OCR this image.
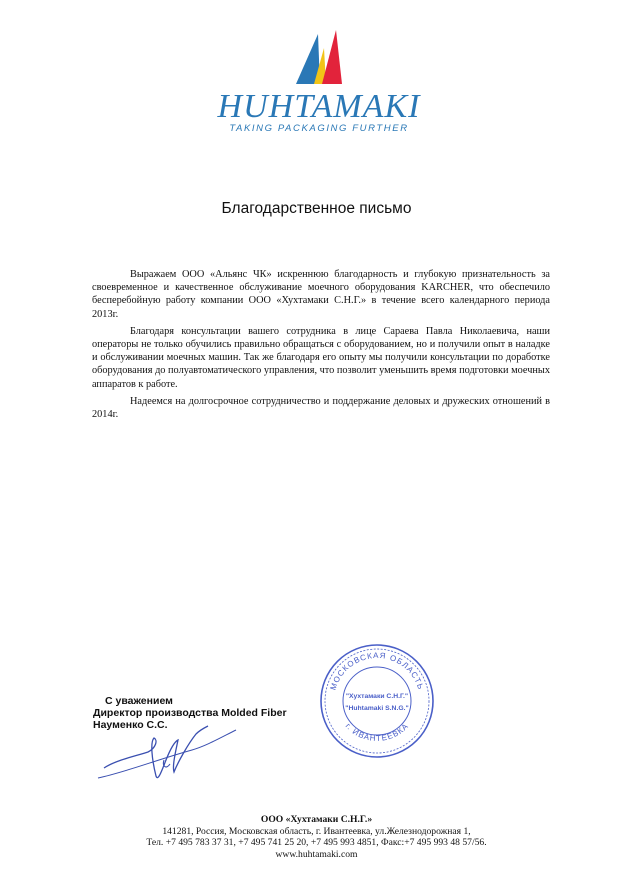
HUHTAMAKI
TAKING PACKAGING FURTHER
Благодарственное письмо

Выражаем ООО «Альянс ЧК» искреннюю благодарность и глубокую признательность за своевременное и качественное обслуживание моечного оборудования KARCHER, что обеспечило бесперебойную работу компании ООО «Хухтамаки С.Н.Г.» в течение всего календарного периода 2013г.

Благодаря консультации вашего сотрудника в лице Сараева Павла Николаевича, наши операторы не только обучились правильно обращаться с оборудованием, но и получили опыт в наладке и обслуживании моечных машин. Так же благодаря его опыту мы получили консультации по доработке оборудования до полуавтоматического управления, что позволит уменьшить время подготовки моечных аппаратов к работе.

Надеемся на долгосрочное сотрудничество и поддержание деловых и дружеских отношений в 2014г.

С уважением
Директор производства Molded Fiber
Науменко С.С.
МОСКОВСКАЯ ОБЛАСТЬ
г. ИВАНТЕЕВКА
"Хухтамаки С.Н.Г."
"Huhtamaki S.N.G."
ООО «Хухтамаки С.Н.Г.»
141281, Россия, Московская область, г. Ивантеевка, ул.Железнодорожная 1,
Тел. +7 495 783 37 31, +7 495 741 25 20, +7 495 993 4851, Факс:+7 495 993 48 57/56.
www.huhtamaki.com
